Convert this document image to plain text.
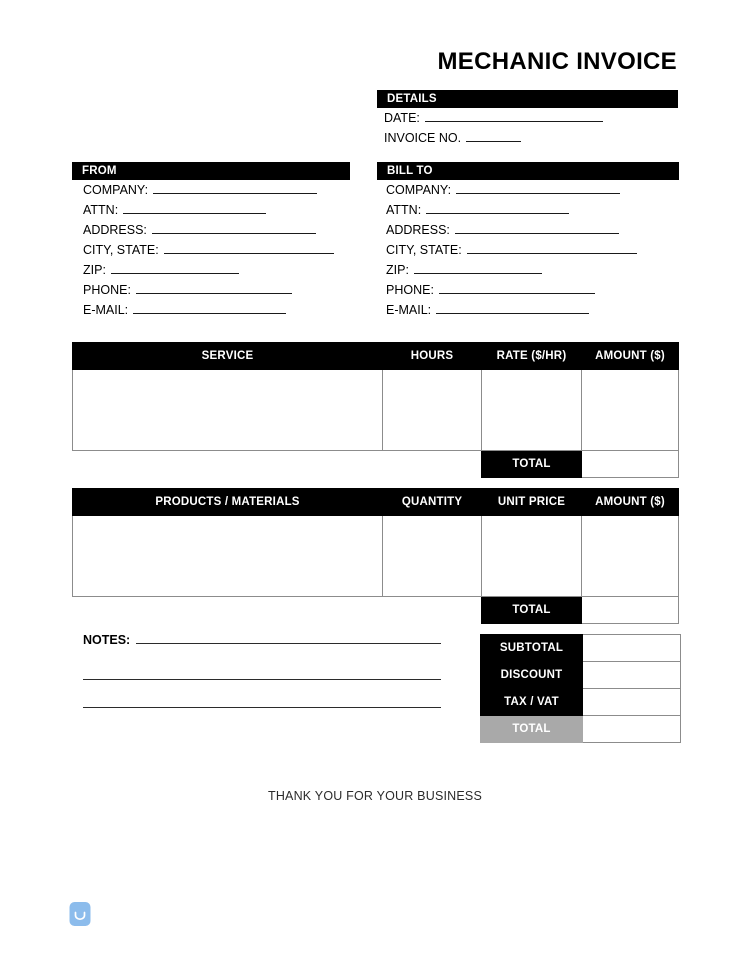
MECHANIC INVOICE
DETAILS
DATE:
INVOICE NO.
FROM
COMPANY:
ATTN:
ADDRESS:
CITY, STATE:
ZIP:
PHONE:
E-MAIL:
BILL TO
COMPANY:
ATTN:
ADDRESS:
CITY, STATE:
ZIP:
PHONE:
E-MAIL:
SERVICE	HOURS	RATE ($/HR)	AMOUNT ($)

		TOTAL	
PRODUCTS / MATERIALS	QUANTITY	UNIT PRICE	AMOUNT ($)

		TOTAL	
NOTES:
SUBTOTAL	
DISCOUNT	
TAX / VAT	
TOTAL	
THANK YOU FOR YOUR BUSINESS
